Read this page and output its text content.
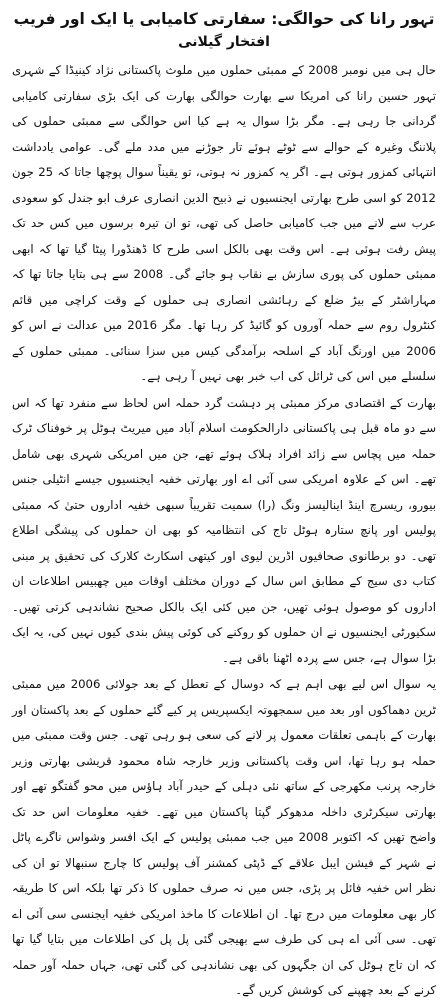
تہور رانا کی حوالگی: سفارتی کامیابی یا ایک اور فریب
افتخار گیلانی

حال ہی میں نومبر 2008 کے ممبئی حملوں میں ملوث پاکستانی نژاد کینیڈا کے شہری تہور حسین رانا کی امریکا سے بھارت حوالگی بھارت کی ایک بڑی سفارتی کامیابی گردانی جا رہی ہے۔ مگر بڑا سوال یہ ہے کیا اس حوالگی سے ممبئی حملوں کی پلاننگ وغیرہ کے حوالے سے ٹوٹے ہوئے تار جوڑنے میں مدد ملے گی۔ عوامی یادداشت انتہائی کمزور ہوتی ہے۔ اگر یہ کمزور نہ ہوتی، تو یقیناً سوال پوچھا جاتا کہ 25 جون 2012 کو اسی طرح بھارتی ایجنسیوں نے ذبیح الدین انصاری عرف ابو جندل کو سعودی عرب سے لانے میں جب کامیابی حاصل کی تھی، تو ان تیرہ برسوں میں کس حد تک پیش رفت ہوئی ہے۔ اس وقت بھی بالکل اسی طرح کا ڈھنڈورا پیٹا گیا تھا کہ ابھی ممبئی حملوں کی پوری سازش بے نقاب ہو جائے گی۔ 2008 سے ہی بتایا جاتا تھا کہ مہاراشٹر کے بیڑ ضلع کے رہائشی انصاری ہی حملوں کے وقت کراچی میں قائم کنٹرول روم سے حملہ آوروں کو گائیڈ کر رہا تھا۔ مگر 2016 میں عدالت نے اس کو 2006 میں اورنگ آباد کے اسلحہ برآمدگی کیس میں سزا سنائی۔ ممبئی حملوں کے سلسلے میں اس کی ٹرائل کی اب خبر بھی نہیں آ رہی ہے۔

بھارت کے اقتصادی مرکز ممبئی پر دہشت گرد حملہ اس لحاظ سے منفرد تھا کہ اس سے دو ماہ قبل ہی پاکستانی دارالحکومت اسلام آباد میں میریٹ ہوٹل پر خوفناک ٹرک حملہ میں پچاس سے زائد افراد ہلاک ہوئے تھے، جن میں امریکی شہری بھی شامل تھے۔ اس کے علاوہ امریکی سی آئی اے اور بھارتی خفیہ ایجنسیوں جیسے انٹیلی جنس بیورو، ریسرچ اینڈ اینالیسز ونگ (را) سمیت تقریباً سبھی خفیہ اداروں حتیٰ کہ ممبئی پولیس اور پانچ ستارہ ہوٹل تاج کی انتظامیہ کو بھی ان حملوں کی پیشگی اطلاع تھی۔ دو برطانوی صحافیوں اڈرین لیوی اور کیتھی اسکارٹ کلارک کی تحقیق پر مبنی کتاب دی سیج کے مطابق اس سال کے دوران مختلف اوقات میں چھبیس اطلاعات ان اداروں کو موصول ہوئی تھیں، جن میں کئی ایک بالکل صحیح نشاندہی کرتی تھیں۔ سکیورٹی ایجنسیوں نے ان حملوں کو روکنے کی کوئی پیش بندی کیوں نہیں کی، یہ ایک بڑا سوال ہے، جس سے پردہ اٹھنا باقی ہے۔

یہ سوال اس لیے بھی اہم ہے کہ دوسال کے تعطل کے بعد جولائی 2006 میں ممبئی ٹرین دھماکوں اور بعد میں سمجھوتہ ایکسپریس پر کیے گئے حملوں کے بعد پاکستان اور بھارت کے باہمی تعلقات معمول پر لانے کی سعی ہو رہی تھی۔ جس وقت ممبئی میں حملہ ہو رہا تھا، اس وقت پاکستانی وزیر خارجہ شاہ محمود قریشی بھارتی وزیر خارجہ پرنب مکھرجی کے ساتھ نئی دہلی کے حیدر آباد ہاؤس میں محو گفتگو تھے اور بھارتی سیکرٹری داخلہ مدھوکر گپتا پاکستان میں تھے۔ خفیہ معلومات اس حد تک واضح تھیں کہ اکتوبر 2008 میں جب ممبئی پولیس کے ایک افسر وشواس ناگرے پاٹل نے شہر کے فیشن ایبل علاقے کے ڈپٹی کمشنر آف پولیس کا چارج سنبھالا تو ان کی نظر اس خفیہ فائل پر پڑی، جس میں نہ صرف حملوں کا ذکر تھا بلکہ اس کا طریقہ کار بھی معلومات میں درج تھا۔ ان اطلاعات کا ماخذ امریکی خفیہ ایجنسی سی آئی اے تھی۔ سی آئی اے ہی کی طرف سے بھیجی گئی پل پل کی اطلاعات میں بتایا گیا تھا کہ ان تاج ہوٹل کی ان جگہوں کی بھی نشاندہی کی گئی تھی، جہاں حملہ آور حملہ کرنے کے بعد چھپنے کی کوشش کریں گے۔
